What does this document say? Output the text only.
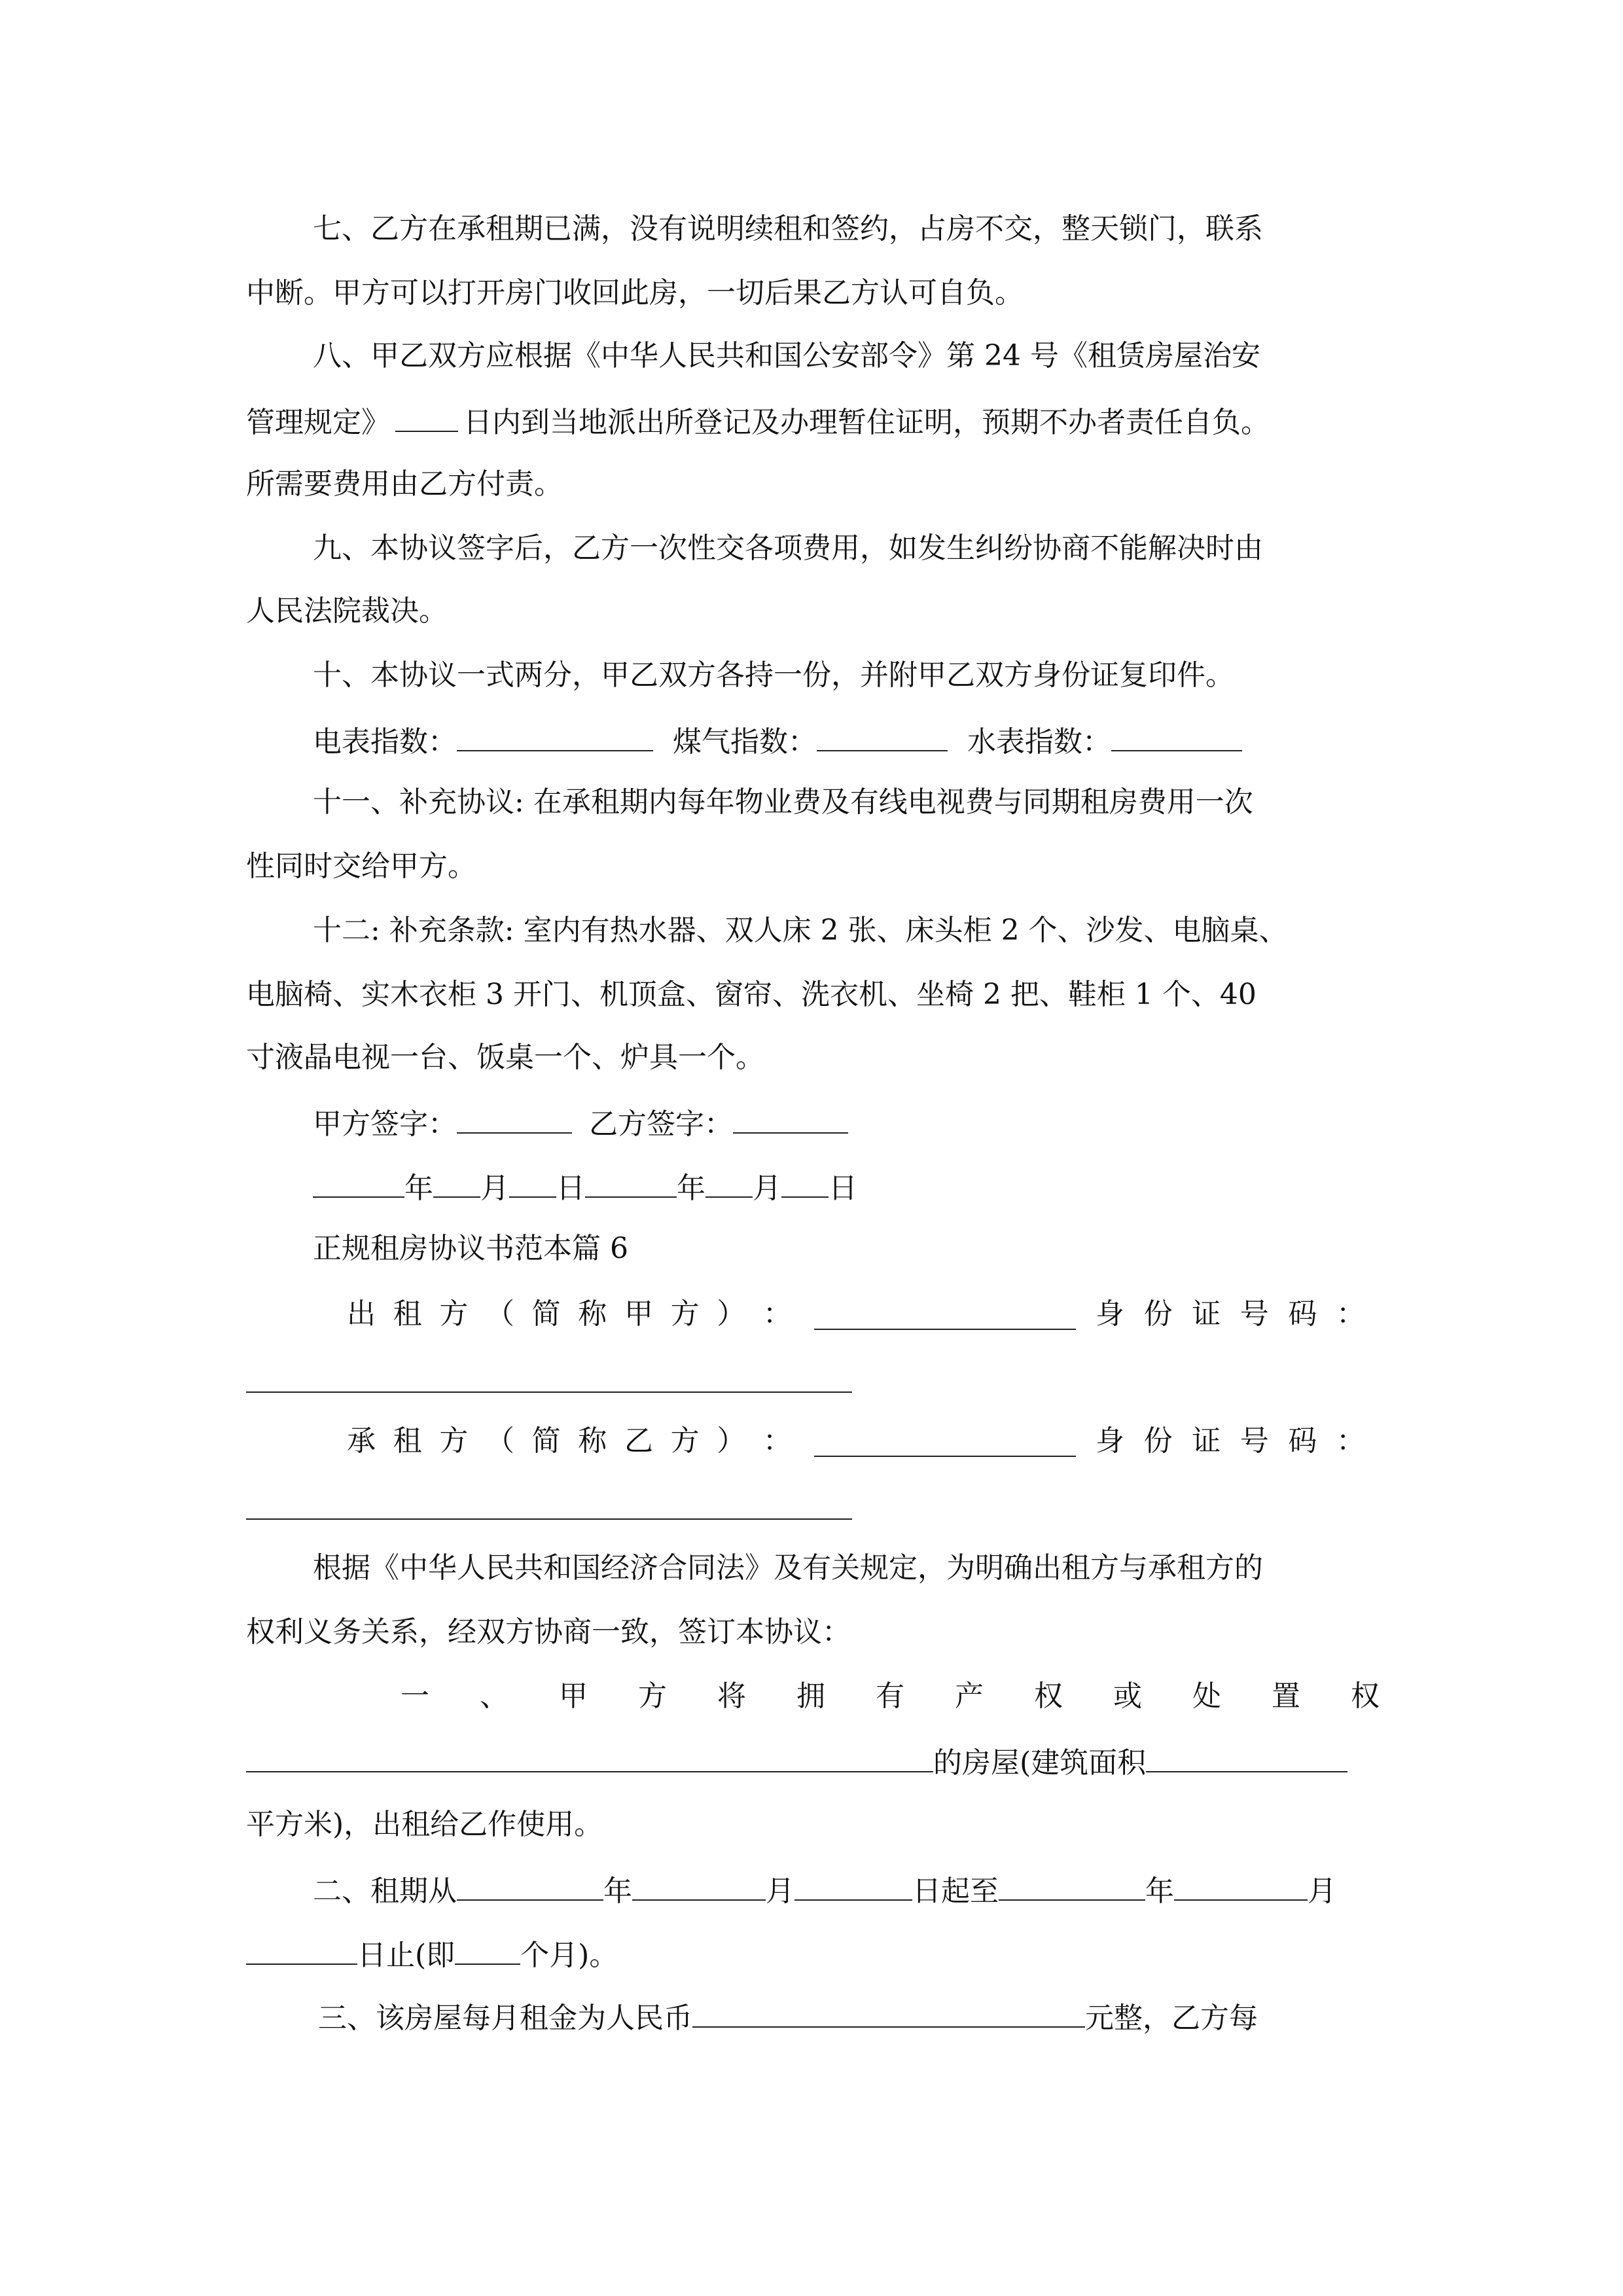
七、乙方在承租期已满，没有说明续租和签约，占房不交，整天锁门，联系
中断。甲方可以打开房门收回此房，一切后果乙方认可自负。
八、甲乙双方应根据《中华人民共和国公安部令》第 24 号《租赁房屋治安
管理规定》	日内到当地派出所登记及办理暂住证明，预期不办者责任自负。
所需要费用由乙方付责。
九、本协议签字后，乙方一次性交各项费用，如发生纠纷协商不能解决时由
人民法院裁决。
十、本协议一式两分，甲乙双方各持一份，并附甲乙双方身份证复印件。
电表指数：	煤气指数：	水表指数：
十一、补充协议: 在承租期内每年物业费及有线电视费与同期租房费用一次
性同时交给甲方。
十二: 补充条款: 室内有热水器、双人床 2 张、床头柜 2 个、沙发、电脑桌、
电脑椅、实木衣柜 3 开门、机顶盒、窗帘、洗衣机、坐椅 2 把、鞋柜 1 个、40
寸液晶电视一台、饭桌一个、炉具一个。
甲方签字：	乙方签字：
年 月 日	年 月 日
正规租房协议书范本篇 6
出 租 方 （ 简 称 甲 方 ） ：	身 份 证 号 码 ：
承 租 方 （ 简 称 乙 方 ） ：	身 份 证 号 码 ：
根据《中华人民共和国经济合同法》及有关规定，为明确出租方与承租方的
权利义务关系，经双方协商一致，签订本协议：
一 、 甲 方 将 拥 有 产 权 或 处 置 权
的房屋(建筑面积
平方米)，出租给乙作使用。
二、租期从	年	月	日起至	年	月
日止(即 个月)。
三、该房屋每月租金为人民币	元整，乙方每
